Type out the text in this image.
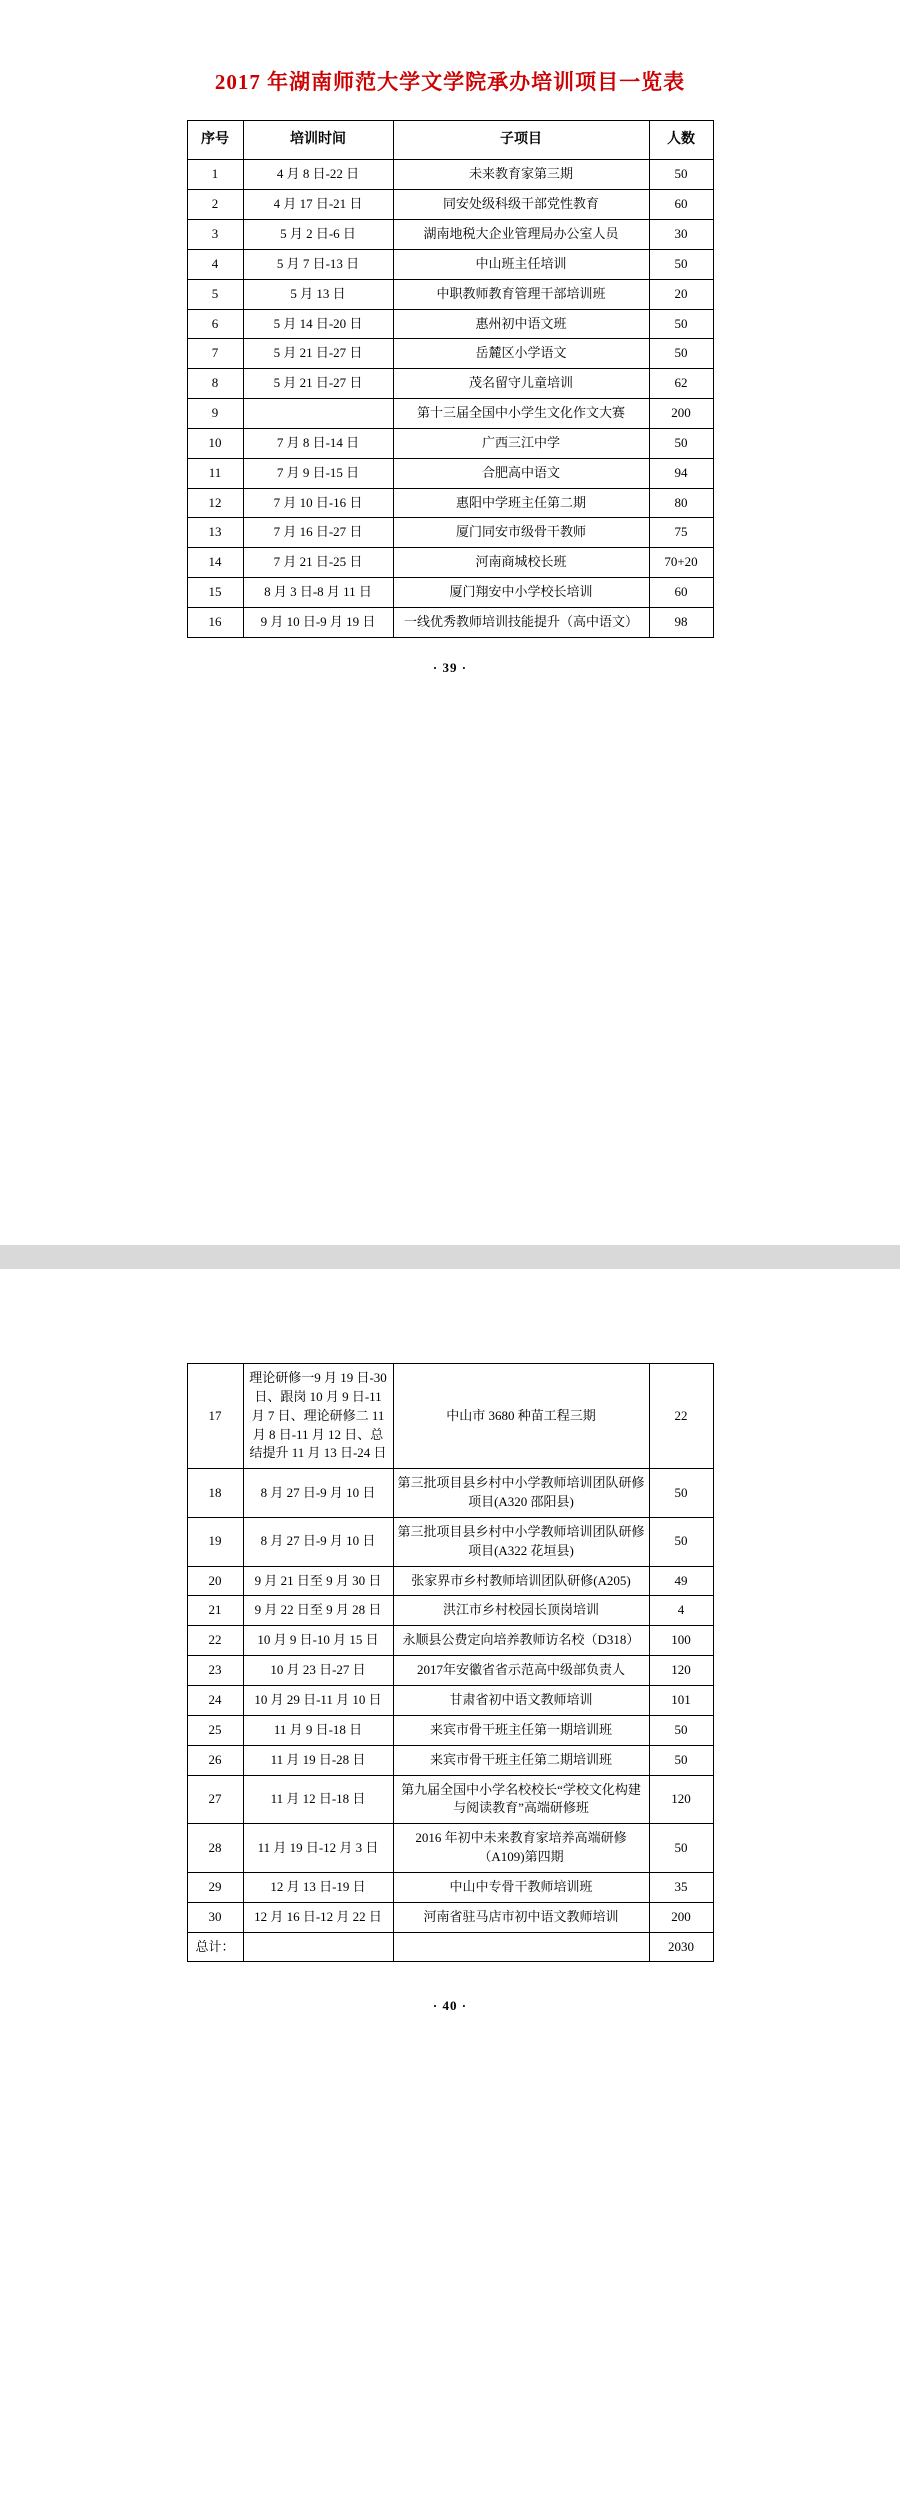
2017 年湖南师范大学文学院承办培训项目一览表
序号	培训时间	子项目	人数
1	4 月 8 日-22 日	未来教育家第三期	50
2	4 月 17 日-21 日	同安处级科级干部党性教育	60
3	5 月 2 日-6 日	湖南地税大企业管理局办公室人员	30
4	5 月 7 日-13 日	中山班主任培训	50
5	5 月 13 日	中职教师教育管理干部培训班	20
6	5 月 14 日-20 日	惠州初中语文班	50
7	5 月 21 日-27 日	岳麓区小学语文	50
8	5 月 21 日-27 日	茂名留守儿童培训	62
9		第十三届全国中小学生文化作文大赛	200
10	7 月 8 日-14 日	广西三江中学	50
11	7 月 9 日-15 日	合肥高中语文	94
12	7 月 10 日-16 日	惠阳中学班主任第二期	80
13	7 月 16 日-27 日	厦门同安市级骨干教师	75
14	7 月 21 日-25 日	河南商城校长班	70+20
15	8 月 3 日-8 月 11 日	厦门翔安中小学校长培训	60
16	9 月 10 日-9 月 19 日	一线优秀教师培训技能提升（高中语文）	98
· 39 ·
17	理论研修一9 月 19 日-30 日、跟岗 10 月 9 日-11 月 7 日、理论研修二 11 月 8 日-11 月 12 日、总结提升 11 月 13 日-24 日	中山市 3680 种苗工程三期	22
18	8 月 27 日-9 月 10 日	第三批项目县乡村中小学教师培训团队研修项目(A320 邵阳县)	50
19	8 月 27 日-9 月 10 日	第三批项目县乡村中小学教师培训团队研修项目(A322 花垣县)	50
20	9 月 21 日至 9 月 30 日	张家界市乡村教师培训团队研修(A205)	49
21	9 月 22 日至 9 月 28 日	洪江市乡村校园长顶岗培训	4
22	10 月 9 日-10 月 15 日	永顺县公费定向培养教师访名校（D318）	100
23	10 月 23 日-27 日	2017年安徽省省示范高中级部负责人	120
24	10 月 29 日-11 月 10 日	甘肃省初中语文教师培训	101
25	11 月 9 日-18 日	来宾市骨干班主任第一期培训班	50
26	11 月 19 日-28 日	来宾市骨干班主任第二期培训班	50
27	11 月 12 日-18 日	第九届全国中小学名校校长“学校文化构建与阅读教育”高端研修班	120
28	11 月 19 日-12 月 3 日	2016 年初中未来教育家培养高端研修（A109)第四期	50
29	12 月 13 日-19 日	中山中专骨干教师培训班	35
30	12 月 16 日-12 月 22 日	河南省驻马店市初中语文教师培训	200
总计：			2030
· 40 ·
